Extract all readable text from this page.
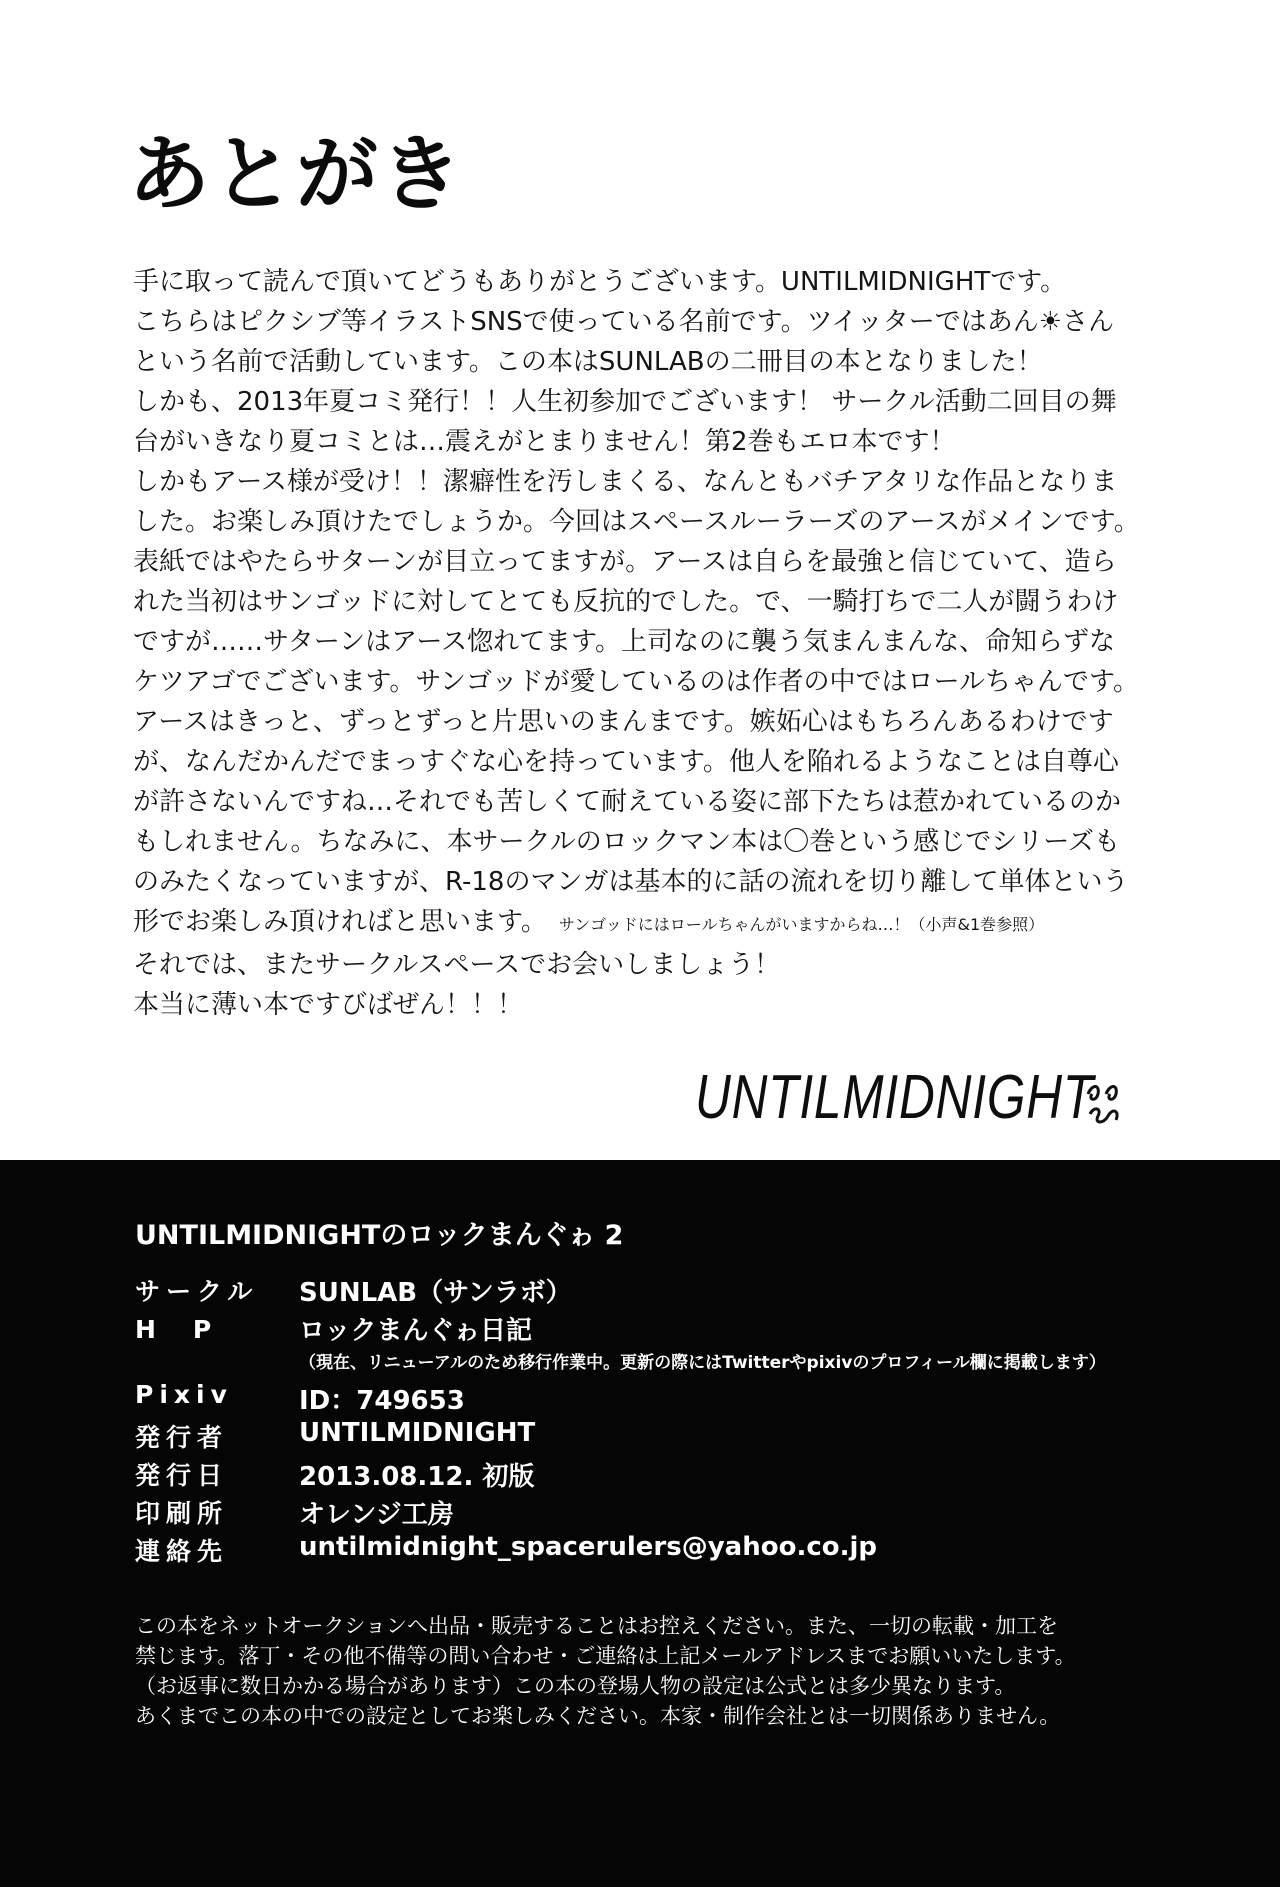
あとがき
手に取って読んで頂いてどうもありがとうございます。UNTILMIDNIGHTです。
こちらはピクシブ等イラストSNSで使っている名前です。ツイッターではあん☀さん
という名前で活動しています。この本はSUNLABの二冊目の本となりました！
しかも、2013年夏コミ発行！！人生初参加でございます！ サークル活動二回目の舞
台がいきなり夏コミとは…震えがとまりません！第2巻もエロ本です！
しかもアース様が受け！！潔癖性を汚しまくる、なんともバチアタリな作品となりま
した。お楽しみ頂けたでしょうか。今回はスペースルーラーズのアースがメインです。
表紙ではやたらサターンが目立ってますが。アースは自らを最強と信じていて、造ら
れた当初はサンゴッドに対してとても反抗的でした。で、一騎打ちで二人が闘うわけ
ですが……サターンはアース惚れてます。上司なのに襲う気まんまんな、命知らずな
ケツアゴでございます。サンゴッドが愛しているのは作者の中ではロールちゃんです。
アースはきっと、ずっとずっと片思いのまんまです。嫉妬心はもちろんあるわけです
が、なんだかんだでまっすぐな心を持っています。他人を陥れるようなことは自尊心
が許さないんですね…それでも苦しくて耐えている姿に部下たちは惹かれているのか
もしれません。ちなみに、本サークルのロックマン本は〇巻という感じでシリーズも
のみたくなっていますが、R-18のマンガは基本的に話の流れを切り離して単体という
形でお楽しみ頂ければと思います。 サンゴッドにはロールちゃんがいますからね…！（小声&1巻参照）
それでは、またサークルスペースでお会いしましょう！
本当に薄い本ですびばぜん！！！
UNTILMIDNIGHT
UNTILMIDNIGHTのロックまんぐゎ 2
サークル	SUNLAB（サンラボ）
H　P	ロックまんぐゎ日記
（現在、リニューアルのため移行作業中。更新の際にはTwitterやpixivのプロフィール欄に掲載します）
Pixiv	ID：749653
発行者	UNTILMIDNIGHT
発行日	2013.08.12. 初版
印刷所	オレンジ工房
連絡先	untilmidnight_spacerulers@yahoo.co.jp
この本をネットオークションへ出品・販売することはお控えください。また、一切の転載・加工を
禁じます。落丁・その他不備等の問い合わせ・ご連絡は上記メールアドレスまでお願いいたします。
（お返事に数日かかる場合があります）この本の登場人物の設定は公式とは多少異なります。
あくまでこの本の中での設定としてお楽しみください。本家・制作会社とは一切関係ありません。
